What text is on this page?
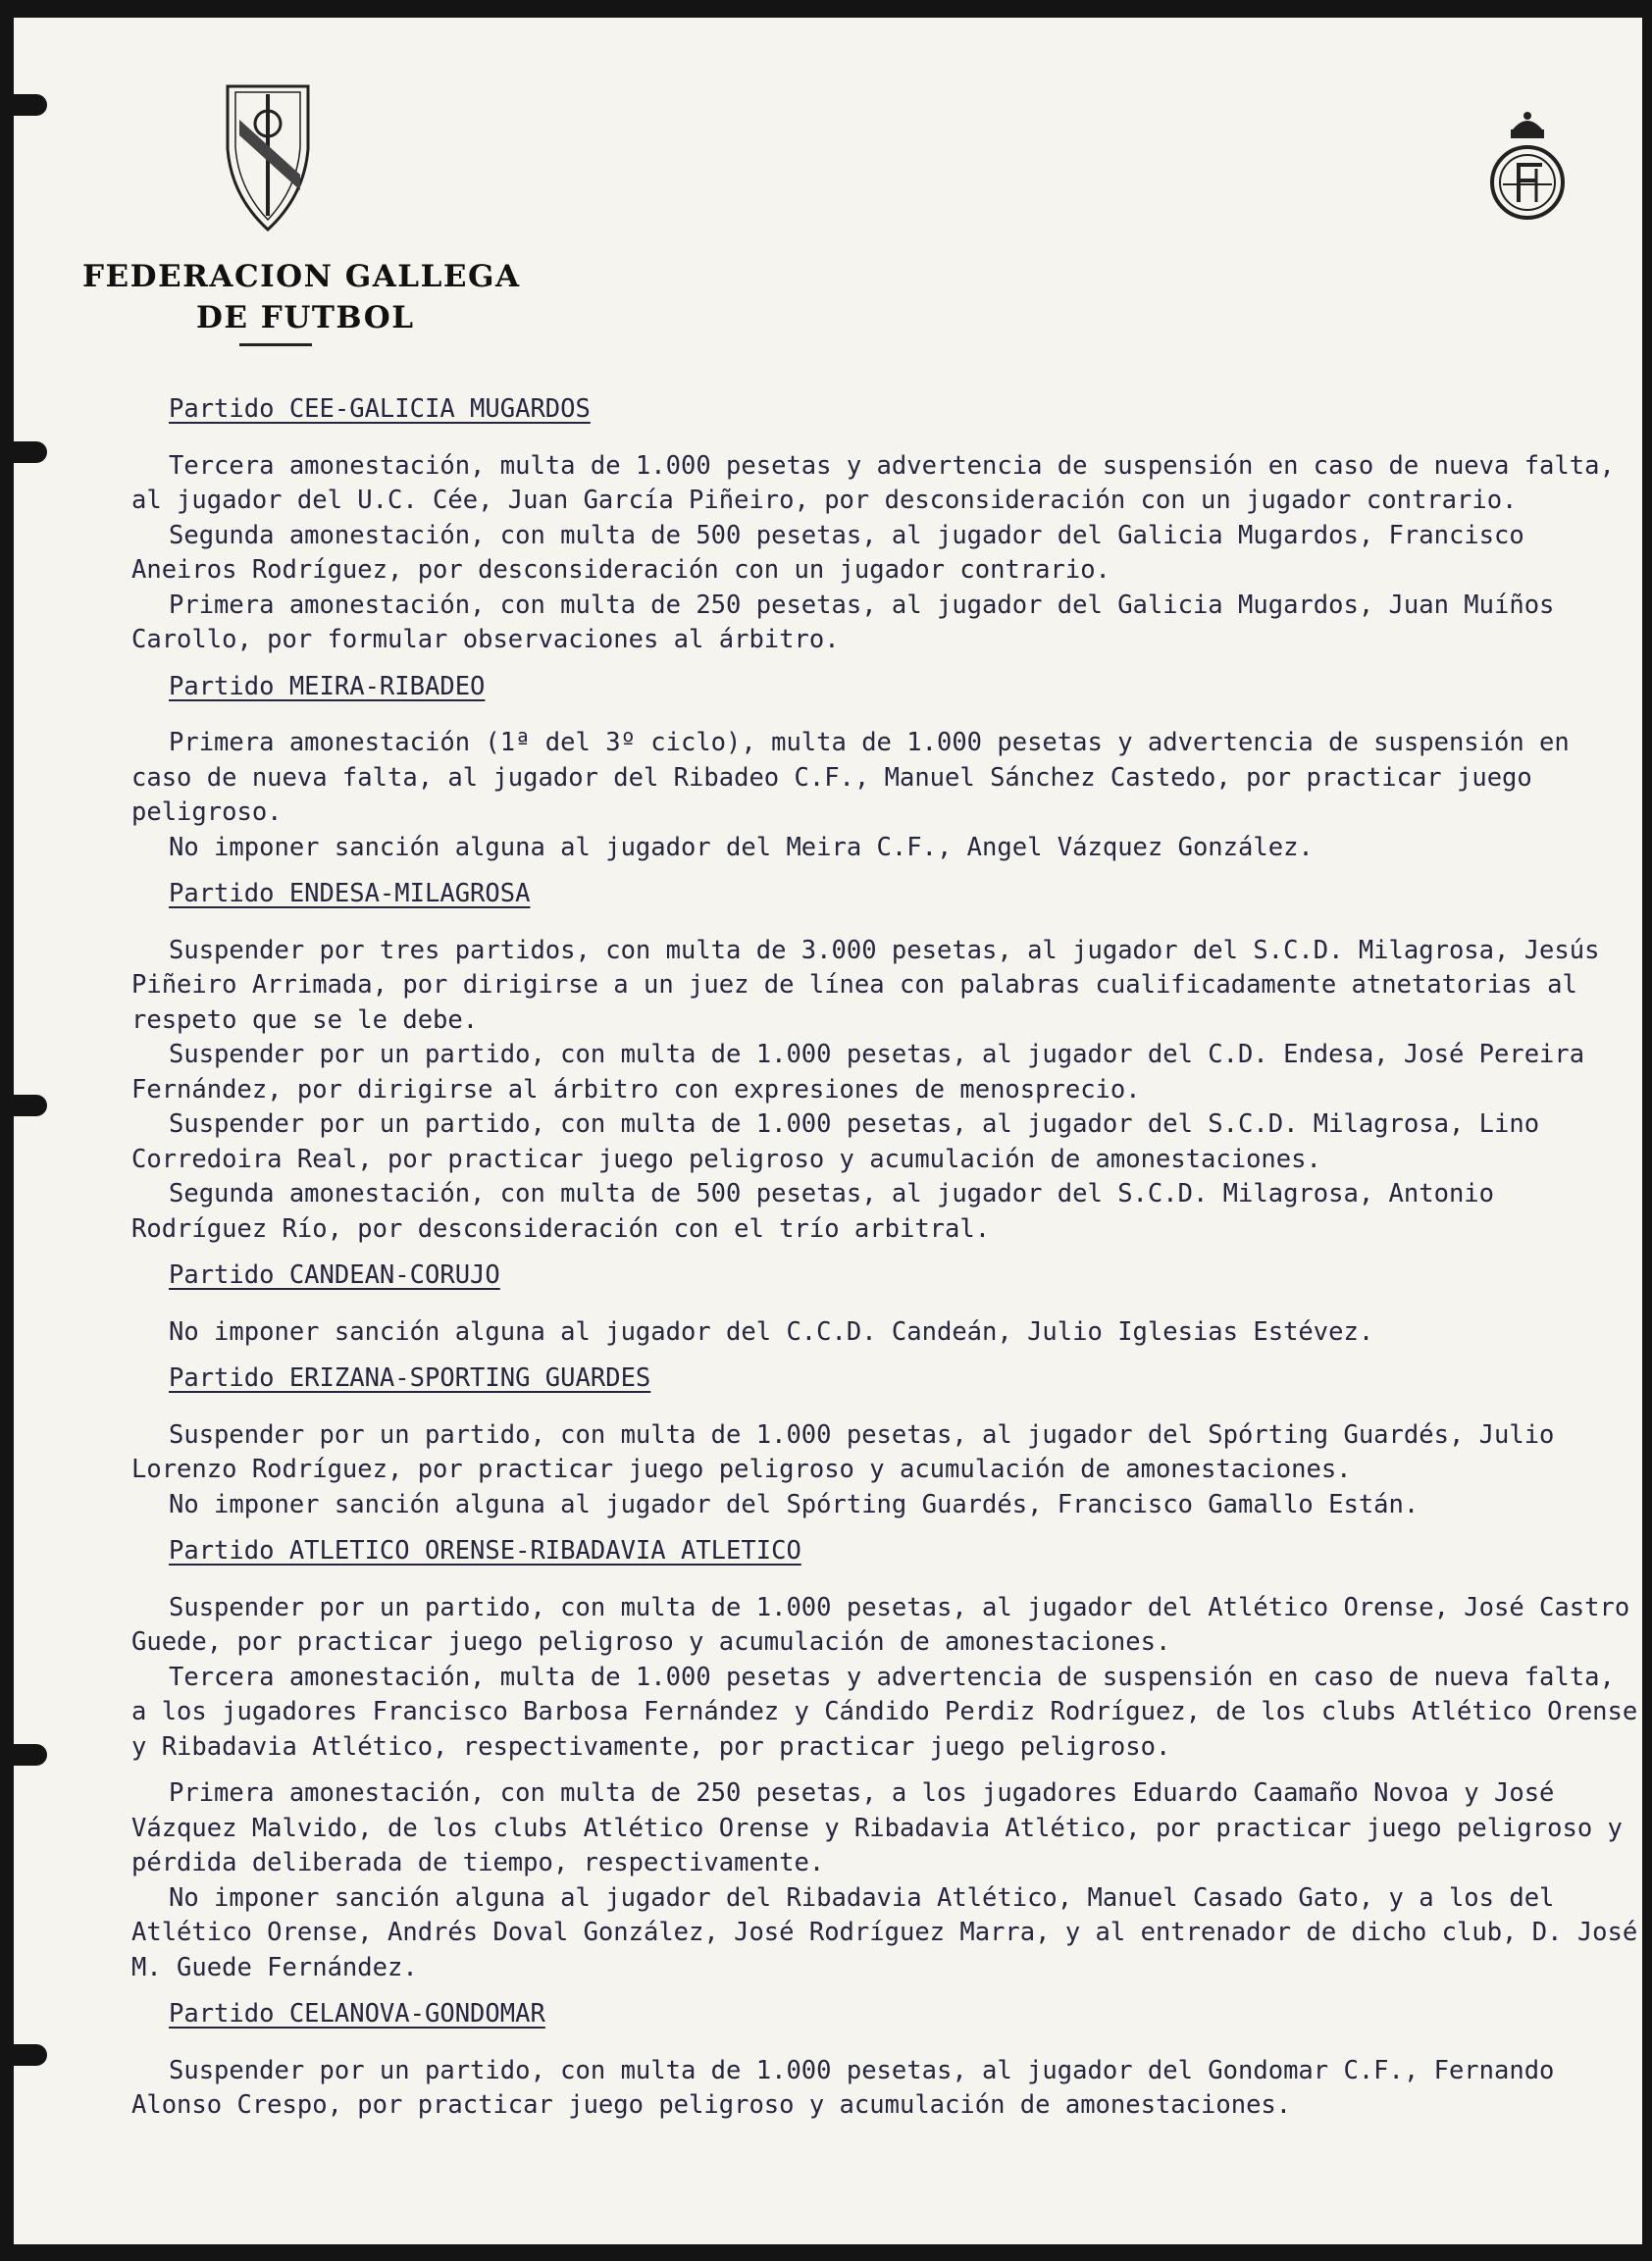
FEDERACION GALLEGA
DE FUTBOL
Partido CEE-GALICIA MUGARDOS

Tercera amonestación, multa de 1.000 pesetas y advertencia de suspensión en caso de nueva falta, al jugador del U.C. Cée, Juan García Piñeiro, por desconsideración con un jugador contrario.

Segunda amonestación, con multa de 500 pesetas, al jugador del Galicia Mugardos, Francisco Aneiros Rodríguez, por desconsideración con un jugador contrario.

Primera amonestación, con multa de 250 pesetas, al jugador del Galicia Mugardos, Juan Muíños Carollo, por formular observaciones al árbitro.

Partido MEIRA-RIBADEO

Primera amonestación (1ª del 3º ciclo), multa de 1.000 pesetas y advertencia de suspensión en caso de nueva falta, al jugador del Ribadeo C.F., Manuel Sánchez Castedo, por practicar juego peligroso.

No imponer sanción alguna al jugador del Meira C.F., Angel Vázquez González.

Partido ENDESA-MILAGROSA

Suspender por tres partidos, con multa de 3.000 pesetas, al jugador del S.C.D. Milagrosa, Jesús Piñeiro Arrimada, por dirigirse a un juez de línea con palabras cualificadamente atnetatorias al respeto que se le debe.

Suspender por un partido, con multa de 1.000 pesetas, al jugador del C.D. Endesa, José Pereira Fernández, por dirigirse al árbitro con expresiones de menosprecio.

Suspender por un partido, con multa de 1.000 pesetas, al jugador del S.C.D. Milagrosa, Lino Corredoira Real, por practicar juego peligroso y acumulación de amonestaciones.

Segunda amonestación, con multa de 500 pesetas, al jugador del S.C.D. Milagrosa, Antonio Rodríguez Río, por desconsideración con el trío arbitral.

Partido CANDEAN-CORUJO

No imponer sanción alguna al jugador del C.C.D. Candeán, Julio Iglesias Estévez.

Partido ERIZANA-SPORTING GUARDES

Suspender por un partido, con multa de 1.000 pesetas, al jugador del Spórting Guardés, Julio Lorenzo Rodríguez, por practicar juego peligroso y acumulación de amonestaciones.

No imponer sanción alguna al jugador del Spórting Guardés, Francisco Gamallo Están.

Partido ATLETICO ORENSE-RIBADAVIA ATLETICO

Suspender por un partido, con multa de 1.000 pesetas, al jugador del Atlético Orense, José Castro Guede, por practicar juego peligroso y acumulación de amonestaciones.

Tercera amonestación, multa de 1.000 pesetas y advertencia de suspensión en caso de nueva falta, a los jugadores Francisco Barbosa Fernández y Cándido Perdiz Rodríguez, de los clubs Atlético Orense y Ribadavia Atlético, respectivamente, por practicar juego peligroso.

Primera amonestación, con multa de 250 pesetas, a los jugadores Eduardo Caamaño Novoa y José Vázquez Malvido, de los clubs Atlético Orense y Ribadavia Atlético, por practicar juego peligroso y pérdida deliberada de tiempo, respectivamente.

No imponer sanción alguna al jugador del Ribadavia Atlético, Manuel Casado Gato, y a los del Atlético Orense, Andrés Doval González, José Rodríguez Marra, y al entrenador de dicho club, D. José M. Guede Fernández.

Partido CELANOVA-GONDOMAR

Suspender por un partido, con multa de 1.000 pesetas, al jugador del Gondomar C.F., Fernando Alonso Crespo, por practicar juego peligroso y acumulación de amonestaciones.
